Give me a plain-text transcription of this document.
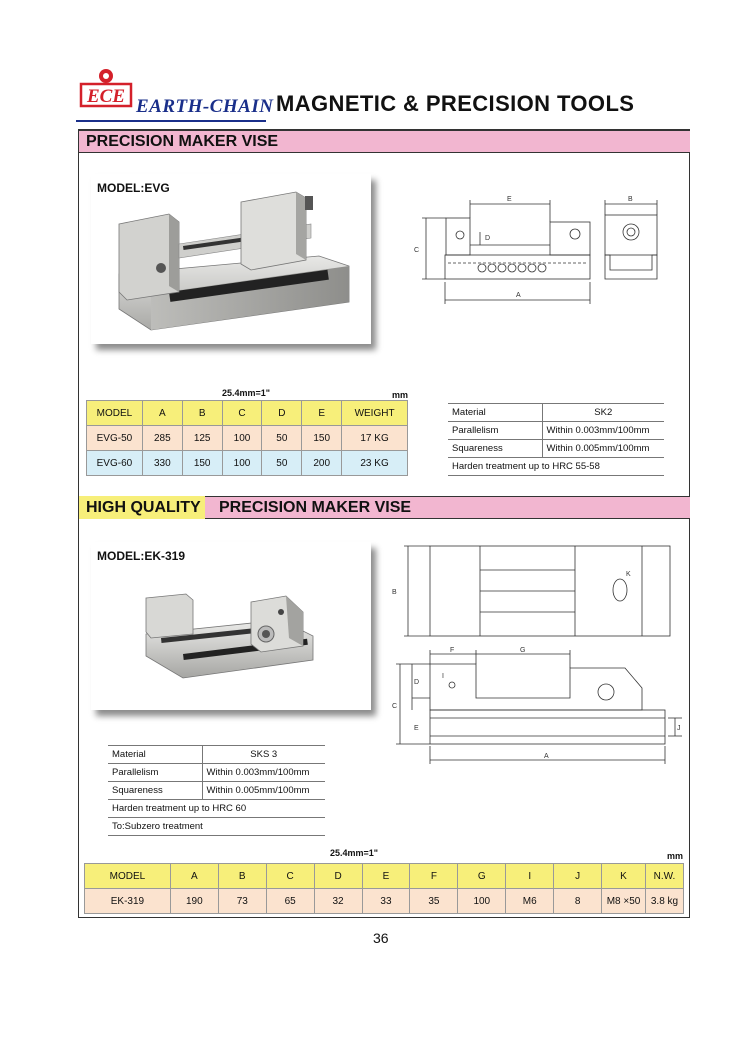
ECE EARTH-CHAIN MAGNETIC & PRECISION TOOLS
PRECISION MAKER VISE
MODEL:EVG
E
D
C
A
B
25.4mm=1"	mm
MODEL	A	B	C	D	E	WEIGHT
EVG-50	285	125	100	50	150	17 KG
EVG-60	330	150	100	50	200	23 KG
Material	SK2
Parallelism	Within 0.003mm/100mm
Squareness	Within 0.005mm/100mm
Harden treatment up to HRC 55-58	
HIGH QUALITY PRECISION MAKER VISE
MODEL:EK-319
B
K
F	G
I
D
C
E	J
A
Material	SKS 3
Parallelism	Within 0.003mm/100mm
Squareness	Within 0.005mm/100mm
Harden treatment up to HRC 60	
To:Subzero treatment	
25.4mm=1"	mm
MODEL	A	B	C	D	E	F	G	I	J	K	N.W.
EK-319	190	73	65	32	33	35	100	M6	8	M8 ×50	3.8 kg
36
